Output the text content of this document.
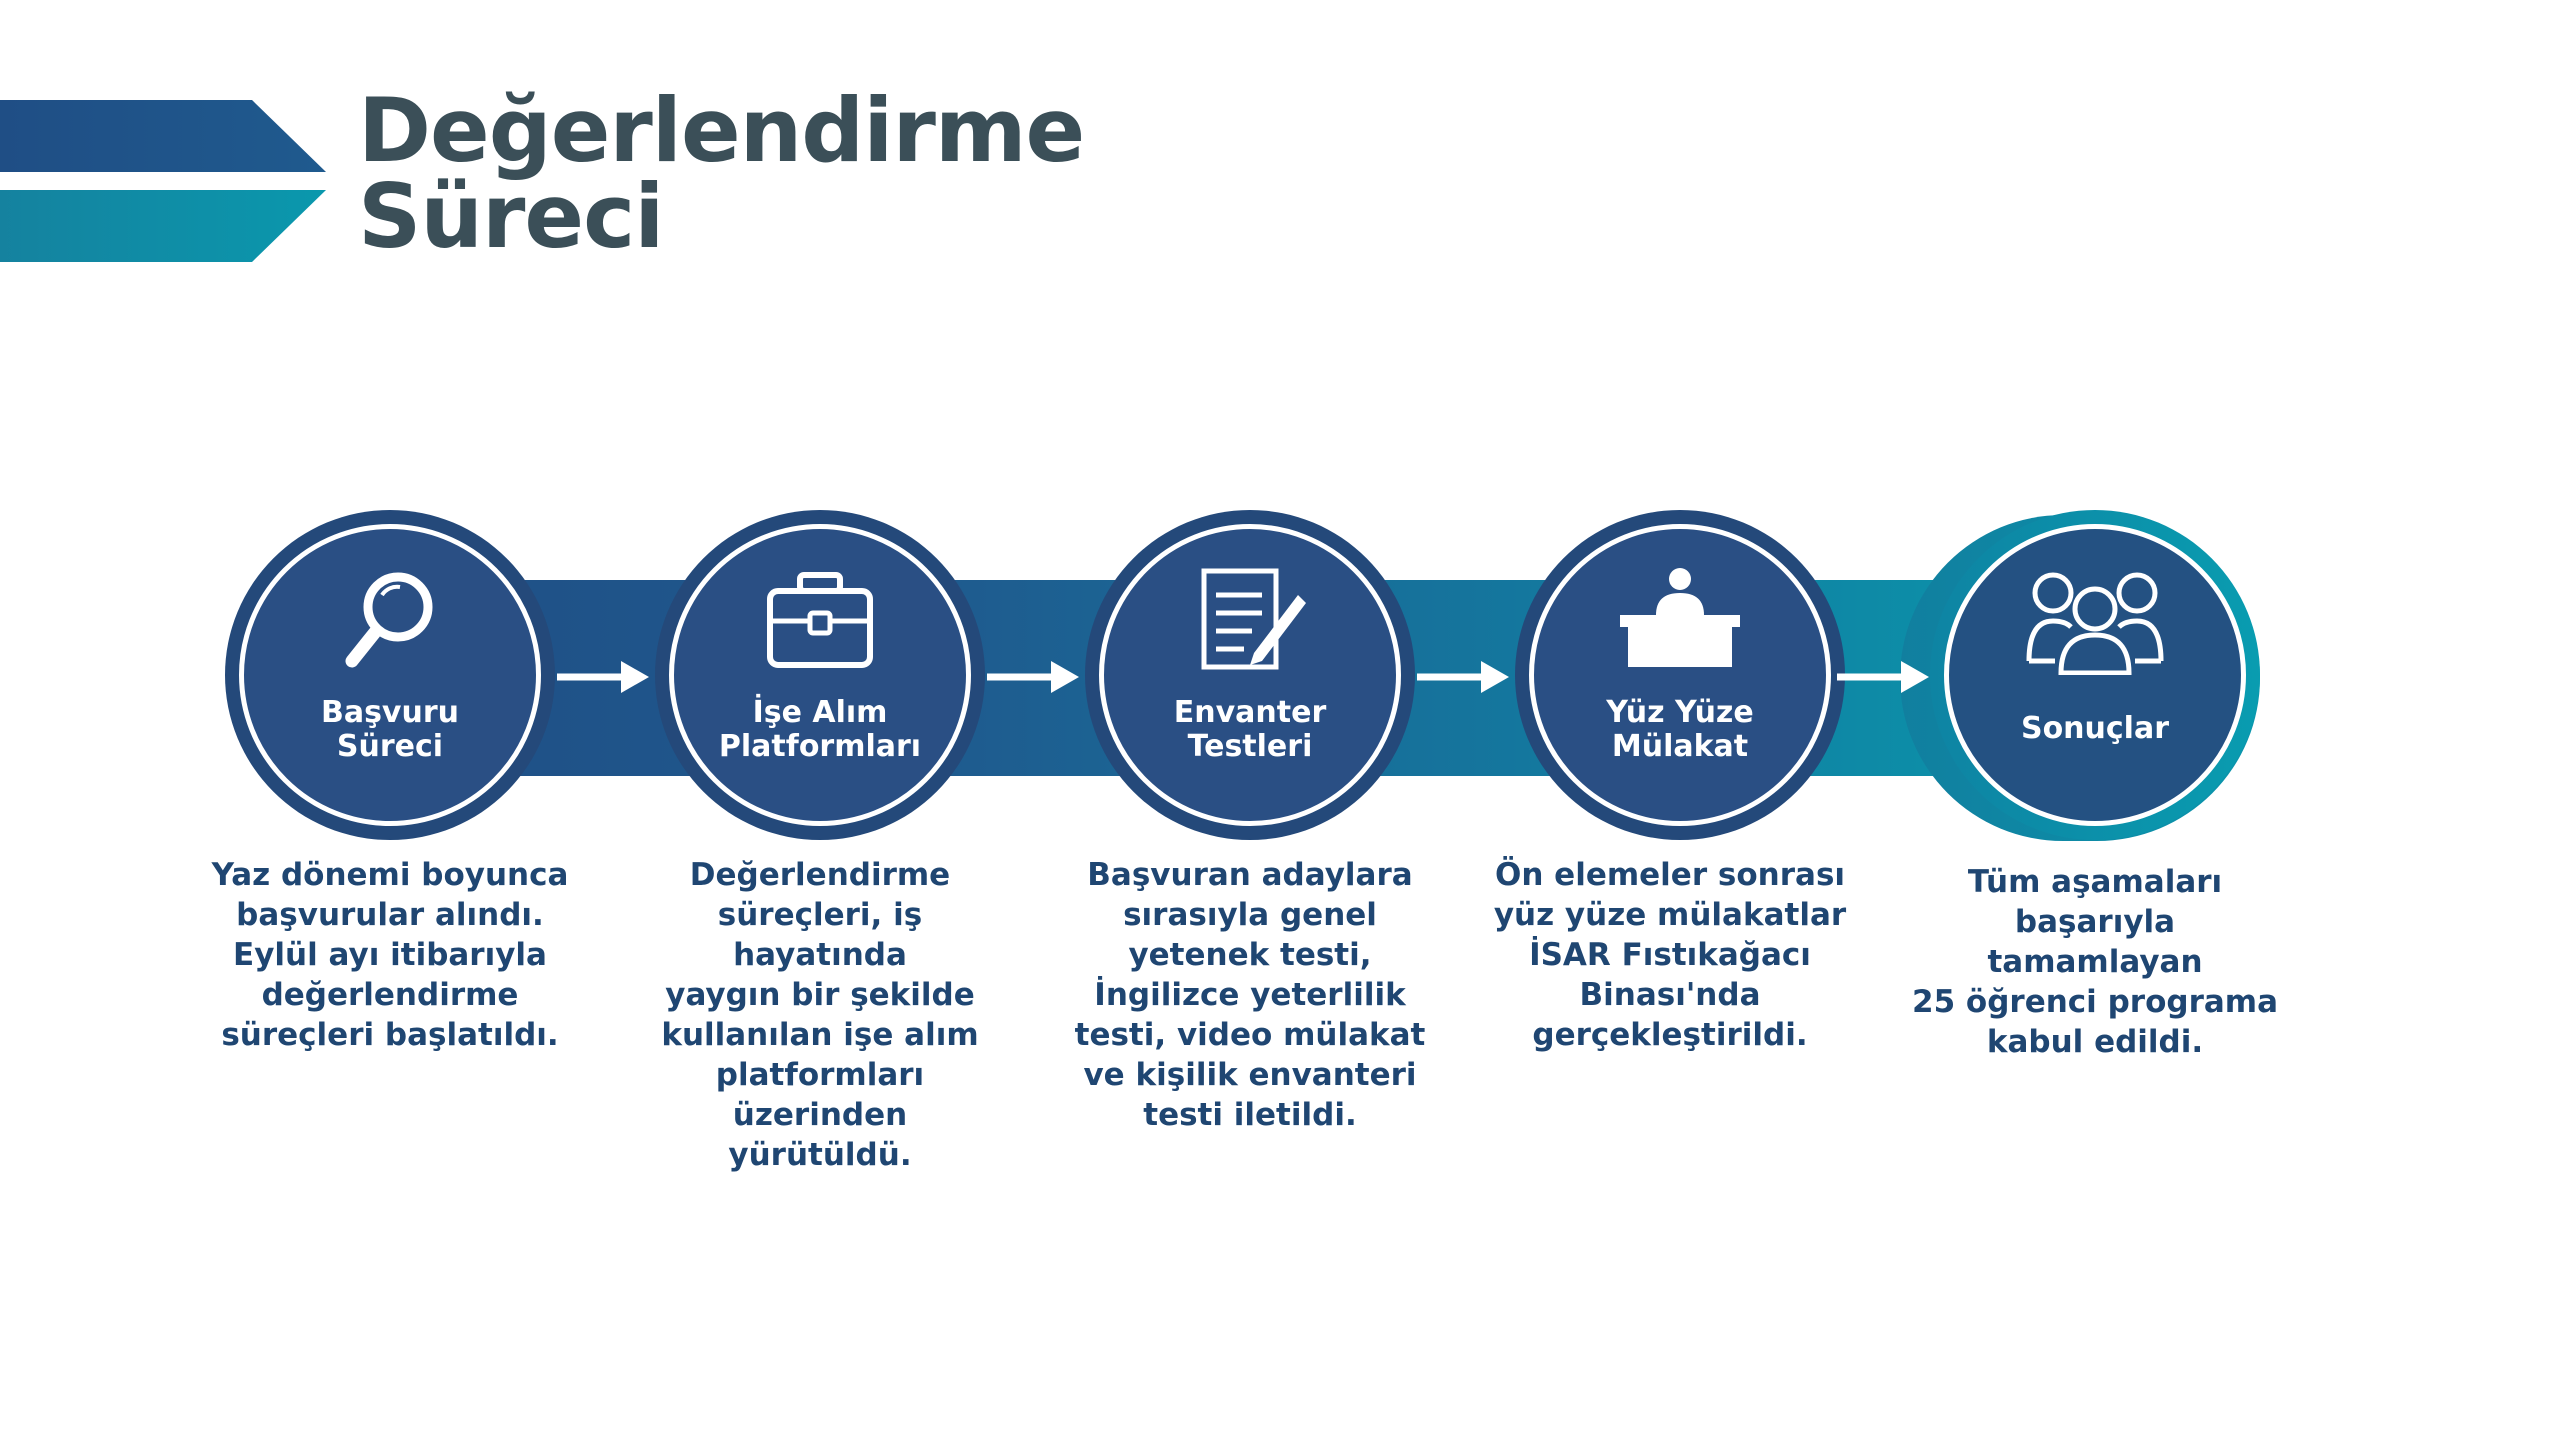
Değerlendirme
Süreci
Başvuru
Süreci
İşe Alım
Platformları
Envanter
Testleri
Yüz Yüze
Mülakat
Sonuçlar
Yaz dönemi boyunca
başvurular alındı.
Eylül ayı itibarıyla
değerlendirme
süreçleri başlatıldı.
Değerlendirme
süreçleri, iş hayatında
yaygın bir şekilde
kullanılan işe alım
platformları üzerinden
yürütüldü.
Başvuran adaylara
sırasıyla genel
yetenek testi,
İngilizce yeterlilik
testi, video mülakat
ve kişilik envanteri
testi iletildi.
Ön elemeler sonrası
yüz yüze mülakatlar
İSAR Fıstıkağacı
Binası'nda
gerçekleştirildi.
Tüm aşamaları
başarıyla tamamlayan
25 öğrenci programa
kabul edildi.
